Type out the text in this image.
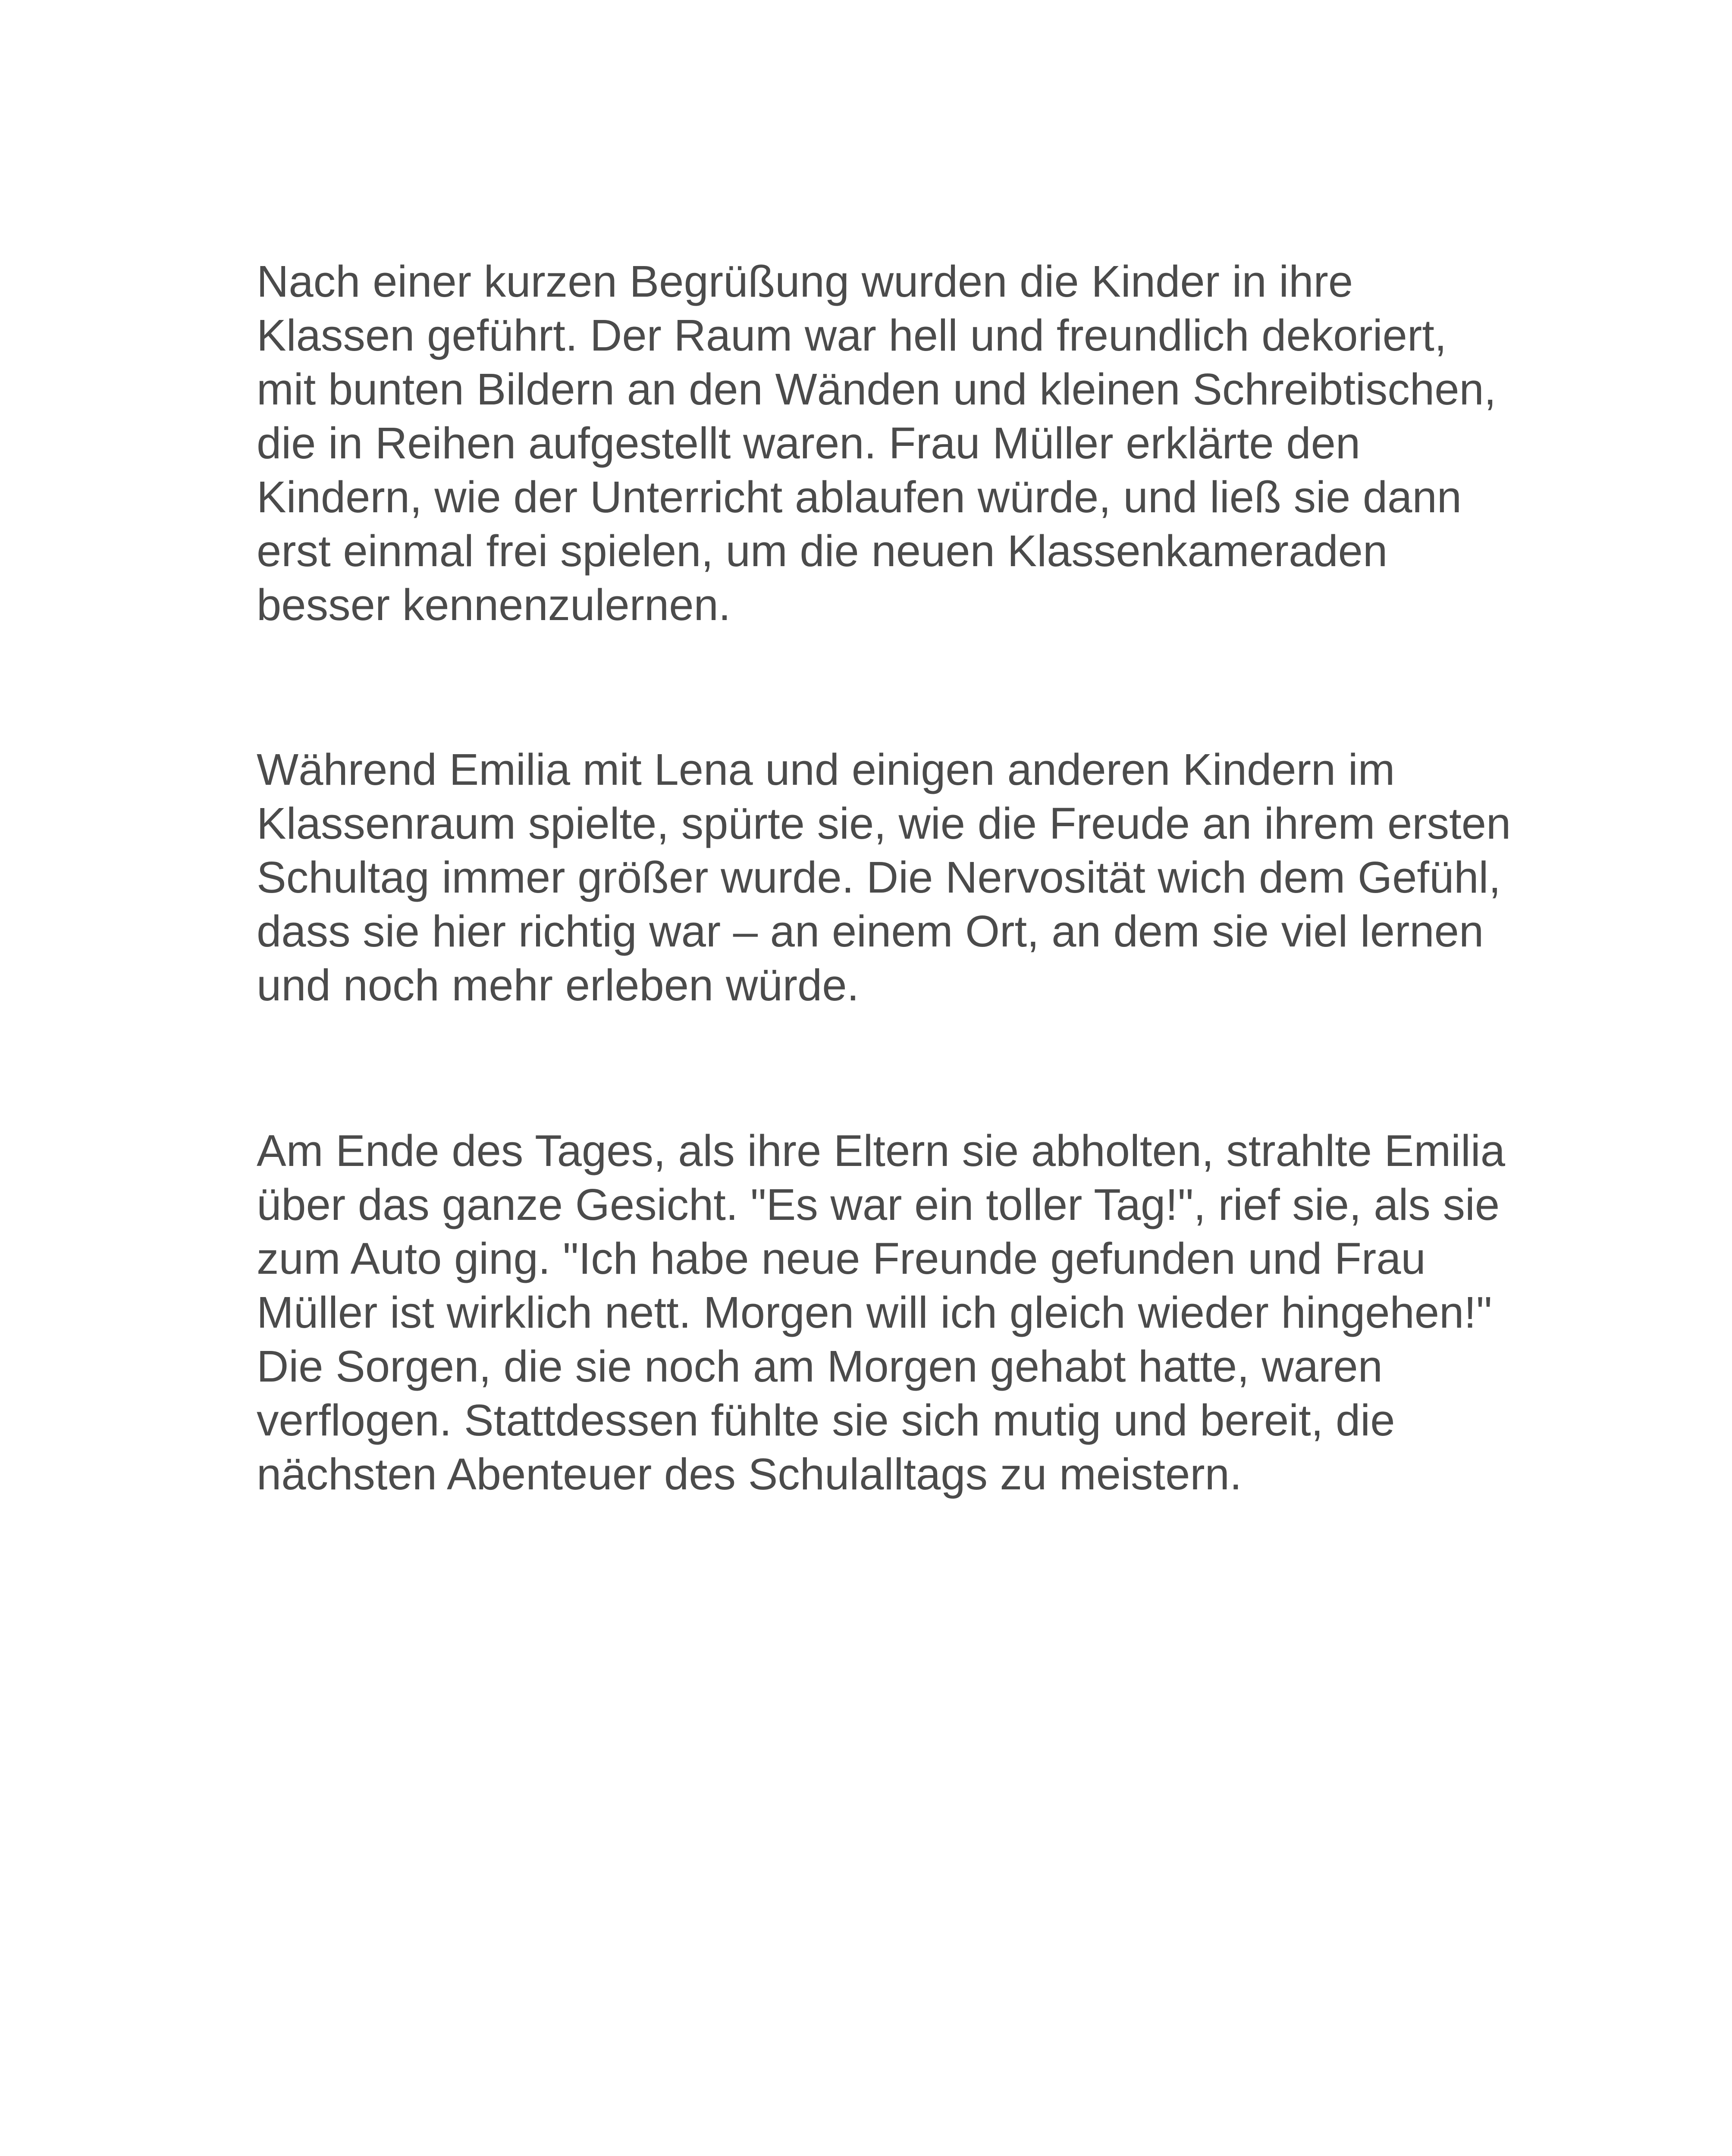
Nach einer kurzen Begrüßung wurden die Kinder in ihre
Klassen geführt. Der Raum war hell und freundlich dekoriert,
mit bunten Bildern an den Wänden und kleinen Schreibtischen,
die in Reihen aufgestellt waren. Frau Müller erklärte den
Kindern, wie der Unterricht ablaufen würde, und ließ sie dann
erst einmal frei spielen, um die neuen Klassenkameraden
besser kennenzulernen.

Während Emilia mit Lena und einigen anderen Kindern im
Klassenraum spielte, spürte sie, wie die Freude an ihrem ersten
Schultag immer größer wurde. Die Nervosität wich dem Gefühl,
dass sie hier richtig war – an einem Ort, an dem sie viel lernen
und noch mehr erleben würde.

Am Ende des Tages, als ihre Eltern sie abholten, strahlte Emilia
über das ganze Gesicht. "Es war ein toller Tag!", rief sie, als sie
zum Auto ging. "Ich habe neue Freunde gefunden und Frau
Müller ist wirklich nett. Morgen will ich gleich wieder hingehen!"
Die Sorgen, die sie noch am Morgen gehabt hatte, waren
verflogen. Stattdessen fühlte sie sich mutig und bereit, die
nächsten Abenteuer des Schulalltags zu meistern.
